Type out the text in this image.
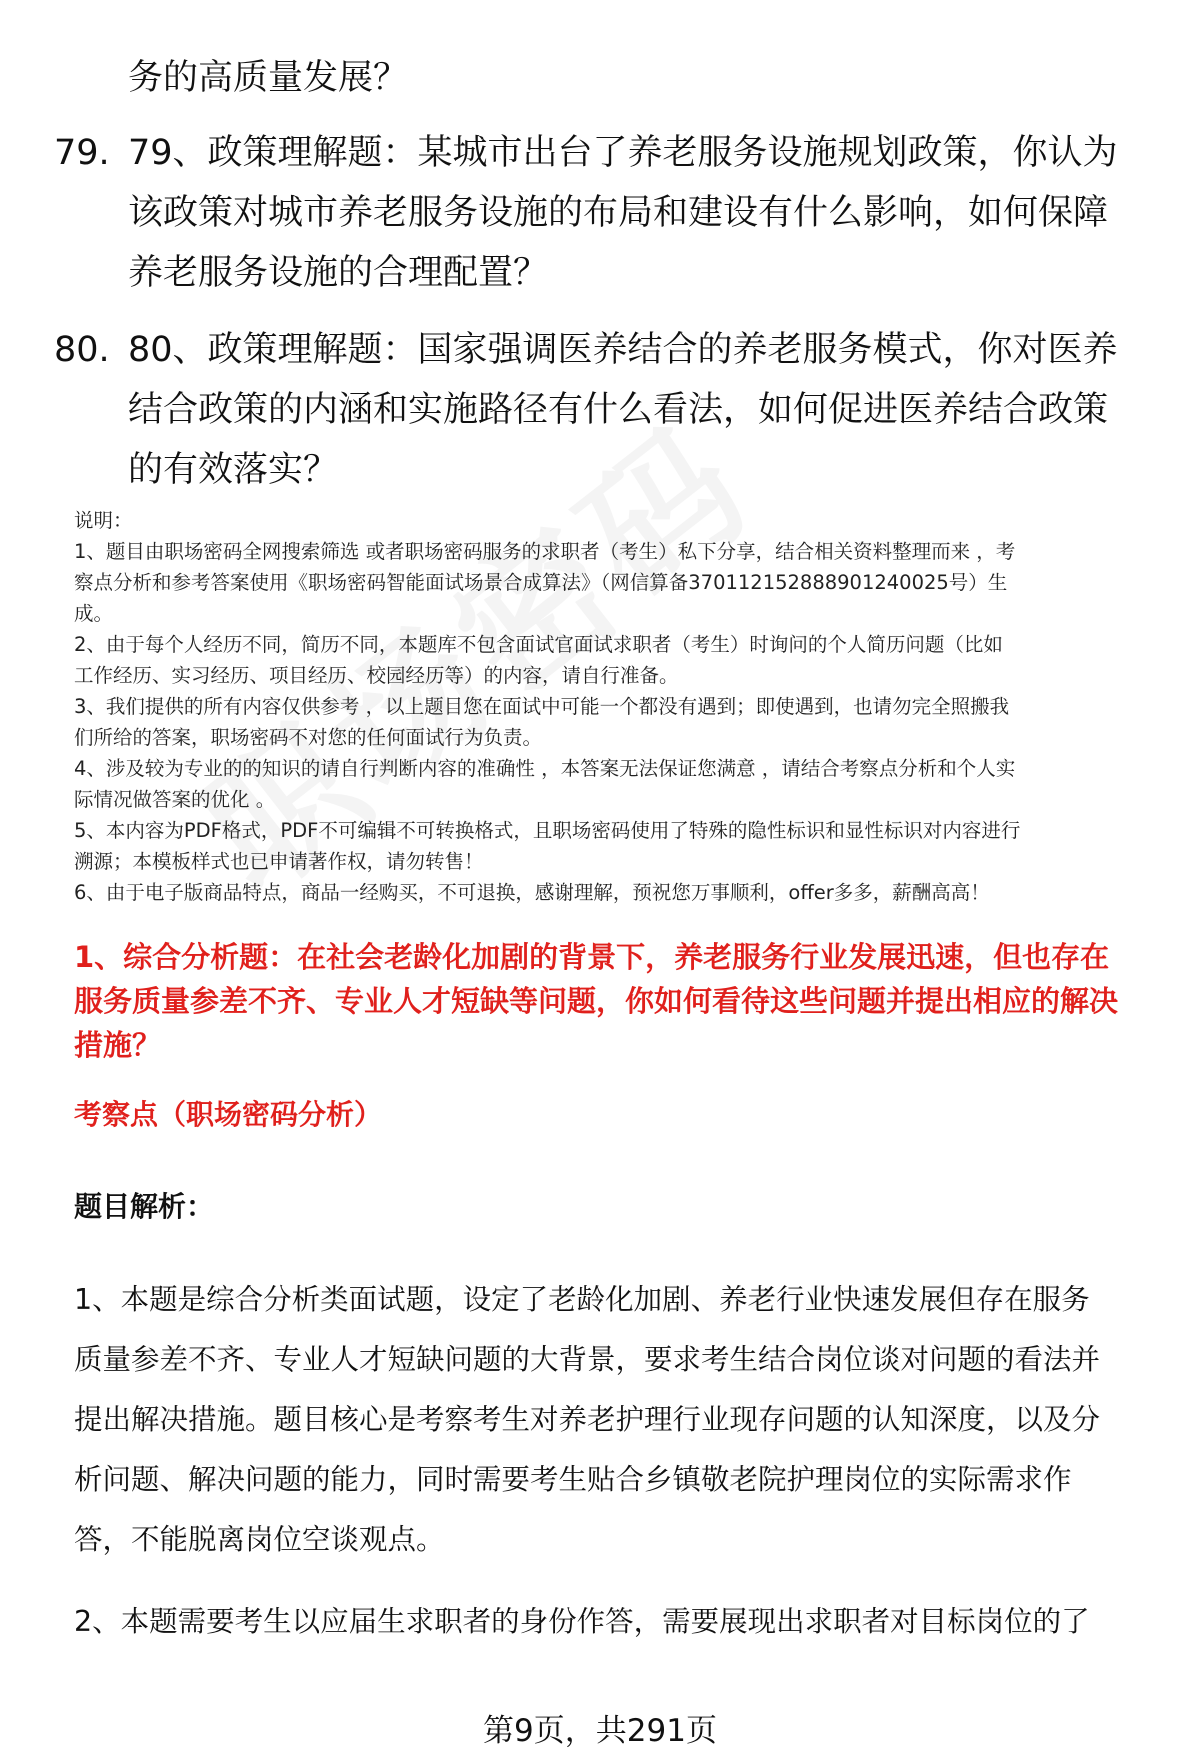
务的高质量发展？
79. 79、政策理解题：某城市出台了养老服务设施规划政策，你认为
该政策对城市养老服务设施的布局和建设有什么影响，如何保障
养老服务设施的合理配置？
80. 80、政策理解题：国家强调医养结合的养老服务模式，你对医养
结合政策的内涵和实施路径有什么看法，如何促进医养结合政策
的有效落实？

说明：

1、题目由职场密码全网搜索筛选 或者职场密码服务的求职者（考生）私下分享，结合相关资料整理而来 ，考

察点分析和参考答案使用《职场密码智能面试场景合成算法》（网信算备370112152888901240025号）生

成。

2、由于每个人经历不同，简历不同，本题库不包含面试官面试求职者（考生）时询问的个人简历问题（比如

工作经历、实习经历、项目经历、校园经历等）的内容，请自行准备。

3、我们提供的所有内容仅供参考 ，以上题目您在面试中可能一个都没有遇到；即使遇到，也请勿完全照搬我

们所给的答案，职场密码不对您的任何面试行为负责。

4、涉及较为专业的的知识的请自行判断内容的准确性 ，本答案无法保证您满意 ，请结合考察点分析和个人实

际情况做答案的优化 。

5、本内容为PDF格式，PDF不可编辑不可转换格式，且职场密码使用了特殊的隐性标识和显性标识对内容进行

溯源；本模板样式也已申请著作权，请勿转售！

6、由于电子版商品特点，商品一经购买，不可退换，感谢理解，预祝您万事顺利，offer多多，薪酬高高！

1、综合分析题：在社会老龄化加剧的背景下，养老服务行业发展迅速，但也存在

服务质量参差不齐、专业人才短缺等问题，你如何看待这些问题并提出相应的解决

措施？

考察点（职场密码分析）
题目解析：

1、本题是综合分析类面试题，设定了老龄化加剧、养老行业快速发展但存在服务

质量参差不齐、专业人才短缺问题的大背景，要求考生结合岗位谈对问题的看法并

提出解决措施。题目核心是考察考生对养老护理行业现存问题的认知深度，以及分

析问题、解决问题的能力，同时需要考生贴合乡镇敬老院护理岗位的实际需求作

答，不能脱离岗位空谈观点。

2、本题需要考生以应届生求职者的身份作答，需要展现出求职者对目标岗位的了

第9页，共291页
